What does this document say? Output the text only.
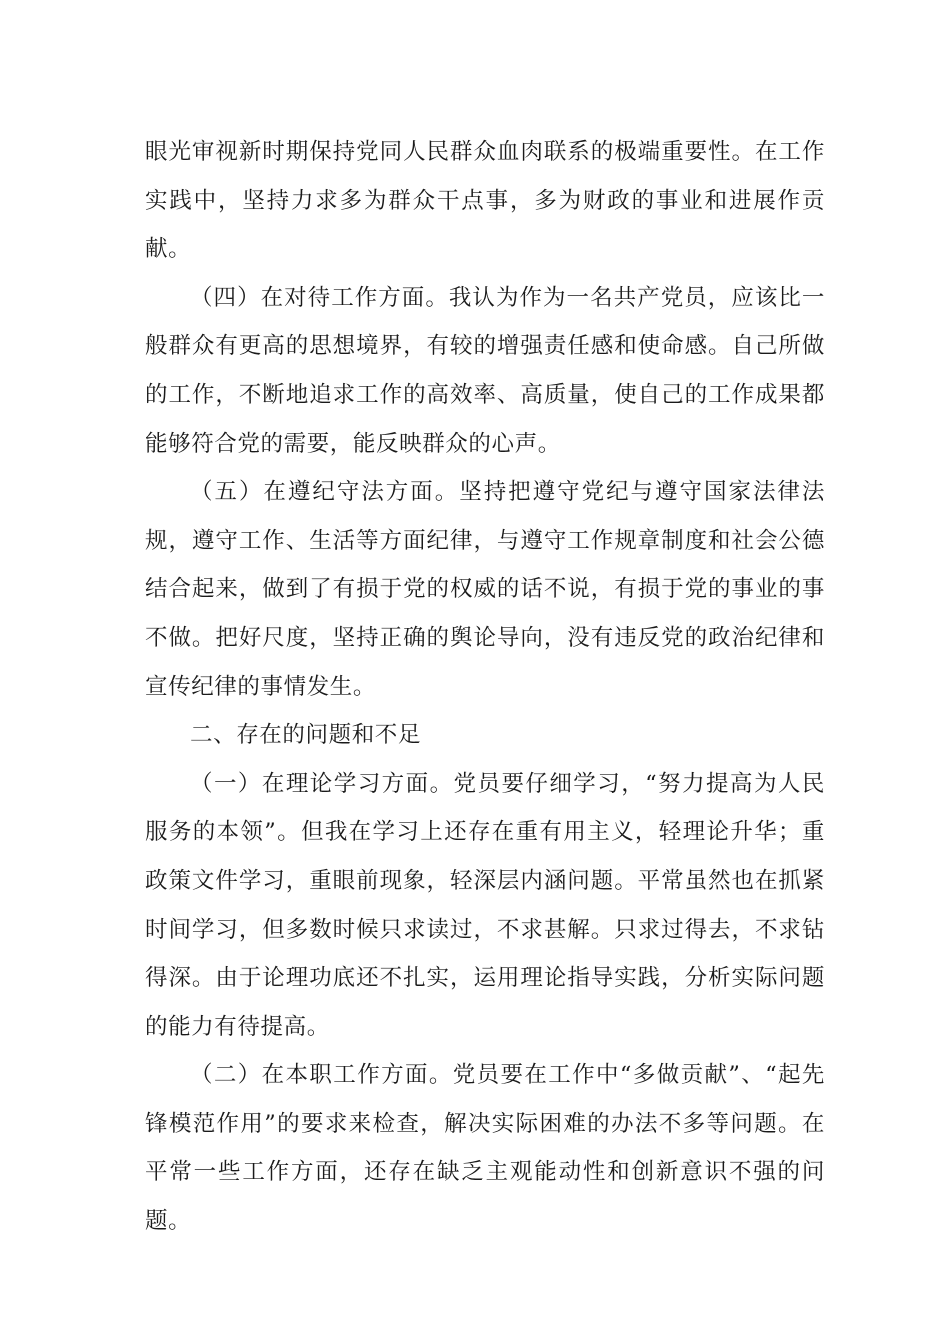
眼光审视新时期保持党同人民群众血肉联系的极端重要性。在工作实践中，坚持力求多为群众干点事，多为财政的事业和进展作贡献。

（四）在对待工作方面。我认为作为一名共产党员，应该比一般群众有更高的思想境界，有较的增强责任感和使命感。自己所做的工作，不断地追求工作的高效率、高质量，使自己的工作成果都能够符合党的需要，能反映群众的心声。

（五）在遵纪守法方面。坚持把遵守党纪与遵守国家法律法规，遵守工作、生活等方面纪律，与遵守工作规章制度和社会公德结合起来，做到了有损于党的权威的话不说，有损于党的事业的事不做。把好尺度，坚持正确的舆论导向，没有违反党的政治纪律和宣传纪律的事情发生。

二、存在的问题和不足

（一）在理论学习方面。党员要仔细学习，“努力提高为人民服务的本领”。但我在学习上还存在重有用主义，轻理论升华；重政策文件学习，重眼前现象，轻深层内涵问题。平常虽然也在抓紧时间学习，但多数时候只求读过，不求甚解。只求过得去，不求钻得深。由于论理功底还不扎实，运用理论指导实践，分析实际问题的能力有待提高。

（二）在本职工作方面。党员要在工作中“多做贡献”、“起先锋模范作用”的要求来检查，解决实际困难的办法不多等问题。在平常一些工作方面，还存在缺乏主观能动性和创新意识不强的问题。
